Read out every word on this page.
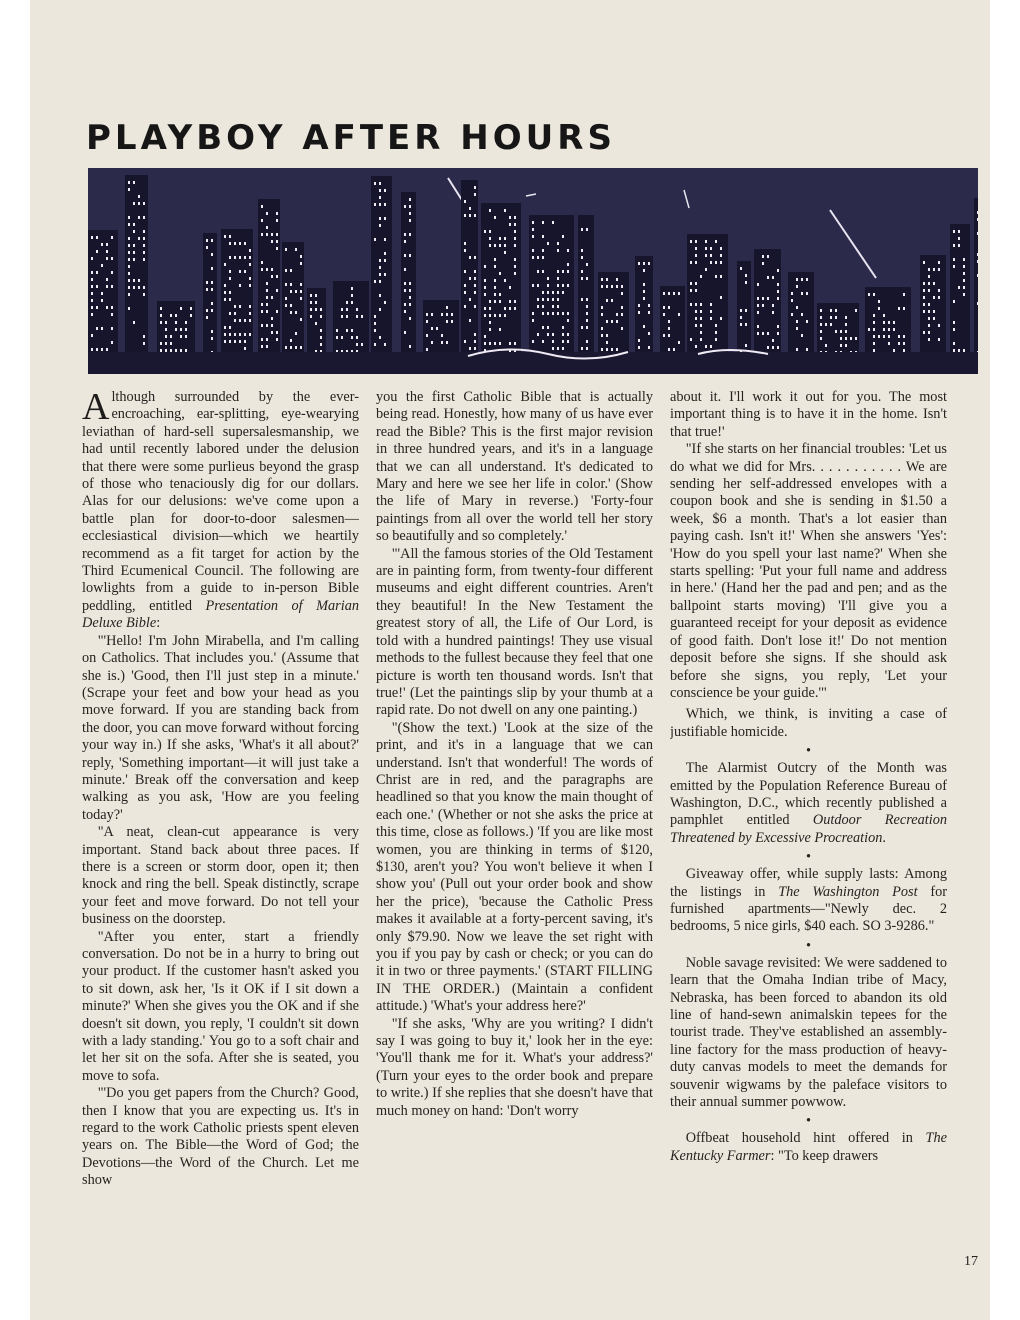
PLAYBOY AFTER HOURS

Although surrounded by the ever-encroaching, ear-splitting, eye-wearying leviathan of hard-sell supersalesmanship, we had until recently labored under the delusion that there were some purlieus beyond the grasp of those who tenaciously dig for our dollars. Alas for our delusions: we've come upon a battle plan for door-to-door salesmen—ecclesiastical division—which we heartily recommend as a fit target for action by the Third Ecumenical Council. The following are lowlights from a guide to in-person Bible peddling, entitled Presentation of Marian Deluxe Bible:

"'Hello! I'm John Mirabella, and I'm calling on Catholics. That includes you.' (Assume that she is.) 'Good, then I'll just step in a minute.' (Scrape your feet and bow your head as you move forward. If you are standing back from the door, you can move forward without forcing your way in.) If she asks, 'What's it all about?' reply, 'Something important—it will just take a minute.' Break off the conversation and keep walking as you ask, 'How are you feeling today?'

"A neat, clean-cut appearance is very important. Stand back about three paces. If there is a screen or storm door, open it; then knock and ring the bell. Speak distinctly, scrape your feet and move forward. Do not tell your business on the doorstep.

"After you enter, start a friendly conversation. Do not be in a hurry to bring out your product. If the customer hasn't asked you to sit down, ask her, 'Is it OK if I sit down a minute?' When she gives you the OK and if she doesn't sit down, you reply, 'I couldn't sit down with a lady standing.' You go to a soft chair and let her sit on the sofa. After she is seated, you move to sofa.

"'Do you get papers from the Church? Good, then I know that you are expecting us. It's in regard to the work Catholic priests spent eleven years on. The Bible—the Word of God; the Devotions—the Word of the Church. Let me show

you the first Catholic Bible that is actually being read. Honestly, how many of us have ever read the Bible? This is the first major revision in three hundred years, and it's in a language that we can all understand. It's dedicated to Mary and here we see her life in color.' (Show the life of Mary in reverse.) 'Forty-four paintings from all over the world tell her story so beautifully and so completely.'

"'All the famous stories of the Old Testament are in painting form, from twenty-four different museums and eight different countries. Aren't they beautiful! In the New Testament the greatest story of all, the Life of Our Lord, is told with a hundred paintings! They use visual methods to the fullest because they feel that one picture is worth ten thousand words. Isn't that true!' (Let the paintings slip by your thumb at a rapid rate. Do not dwell on any one painting.)

"(Show the text.) 'Look at the size of the print, and it's in a language that we can understand. Isn't that wonderful! The words of Christ are in red, and the paragraphs are headlined so that you know the main thought of each one.' (Whether or not she asks the price at this time, close as follows.) 'If you are like most women, you are thinking in terms of $120, $130, aren't you? You won't believe it when I show you' (Pull out your order book and show her the price), 'because the Catholic Press makes it available at a forty-percent saving, it's only $79.90. Now we leave the set right with you if you pay by cash or check; or you can do it in two or three payments.' (START FILLING IN THE ORDER.) (Maintain a confident attitude.) 'What's your address here?'

"If she asks, 'Why are you writing? I didn't say I was going to buy it,' look her in the eye: 'You'll thank me for it. What's your address?' (Turn your eyes to the order book and prepare to write.) If she replies that she doesn't have that much money on hand: 'Don't worry

about it. I'll work it out for you. The most important thing is to have it in the home. Isn't that true!'

"If she starts on her financial troubles: 'Let us do what we did for Mrs. . . . . . . . . . . We are sending her self-addressed envelopes with a coupon book and she is sending in $1.50 a week, $6 a month. That's a lot easier than paying cash. Isn't it!' When she answers 'Yes': 'How do you spell your last name?' When she starts spelling: 'Put your full name and address in here.' (Hand her the pad and pen; and as the ballpoint starts moving) 'I'll give you a guaranteed receipt for your deposit as evidence of good faith. Don't lose it!' Do not mention deposit before she signs. If she should ask before she signs, you reply, 'Let your conscience be your guide.'"

Which, we think, is inviting a case of justifiable homicide.

•

The Alarmist Outcry of the Month was emitted by the Population Reference Bureau of Washington, D.C., which recently published a pamphlet entitled Outdoor Recreation Threatened by Excessive Procreation.

•

Giveaway offer, while supply lasts: Among the listings in The Washington Post for furnished apartments—"Newly dec. 2 bedrooms, 5 nice girls, $40 each. SO 3-9286."

•

Noble savage revisited: We were saddened to learn that the Omaha Indian tribe of Macy, Nebraska, has been forced to abandon its old line of hand-sewn animalskin tepees for the tourist trade. They've established an assembly-line factory for the mass production of heavy-duty canvas models to meet the demands for souvenir wigwams by the paleface visitors to their annual summer powwow.

•

Offbeat household hint offered in The Kentucky Farmer: "To keep drawers

17
